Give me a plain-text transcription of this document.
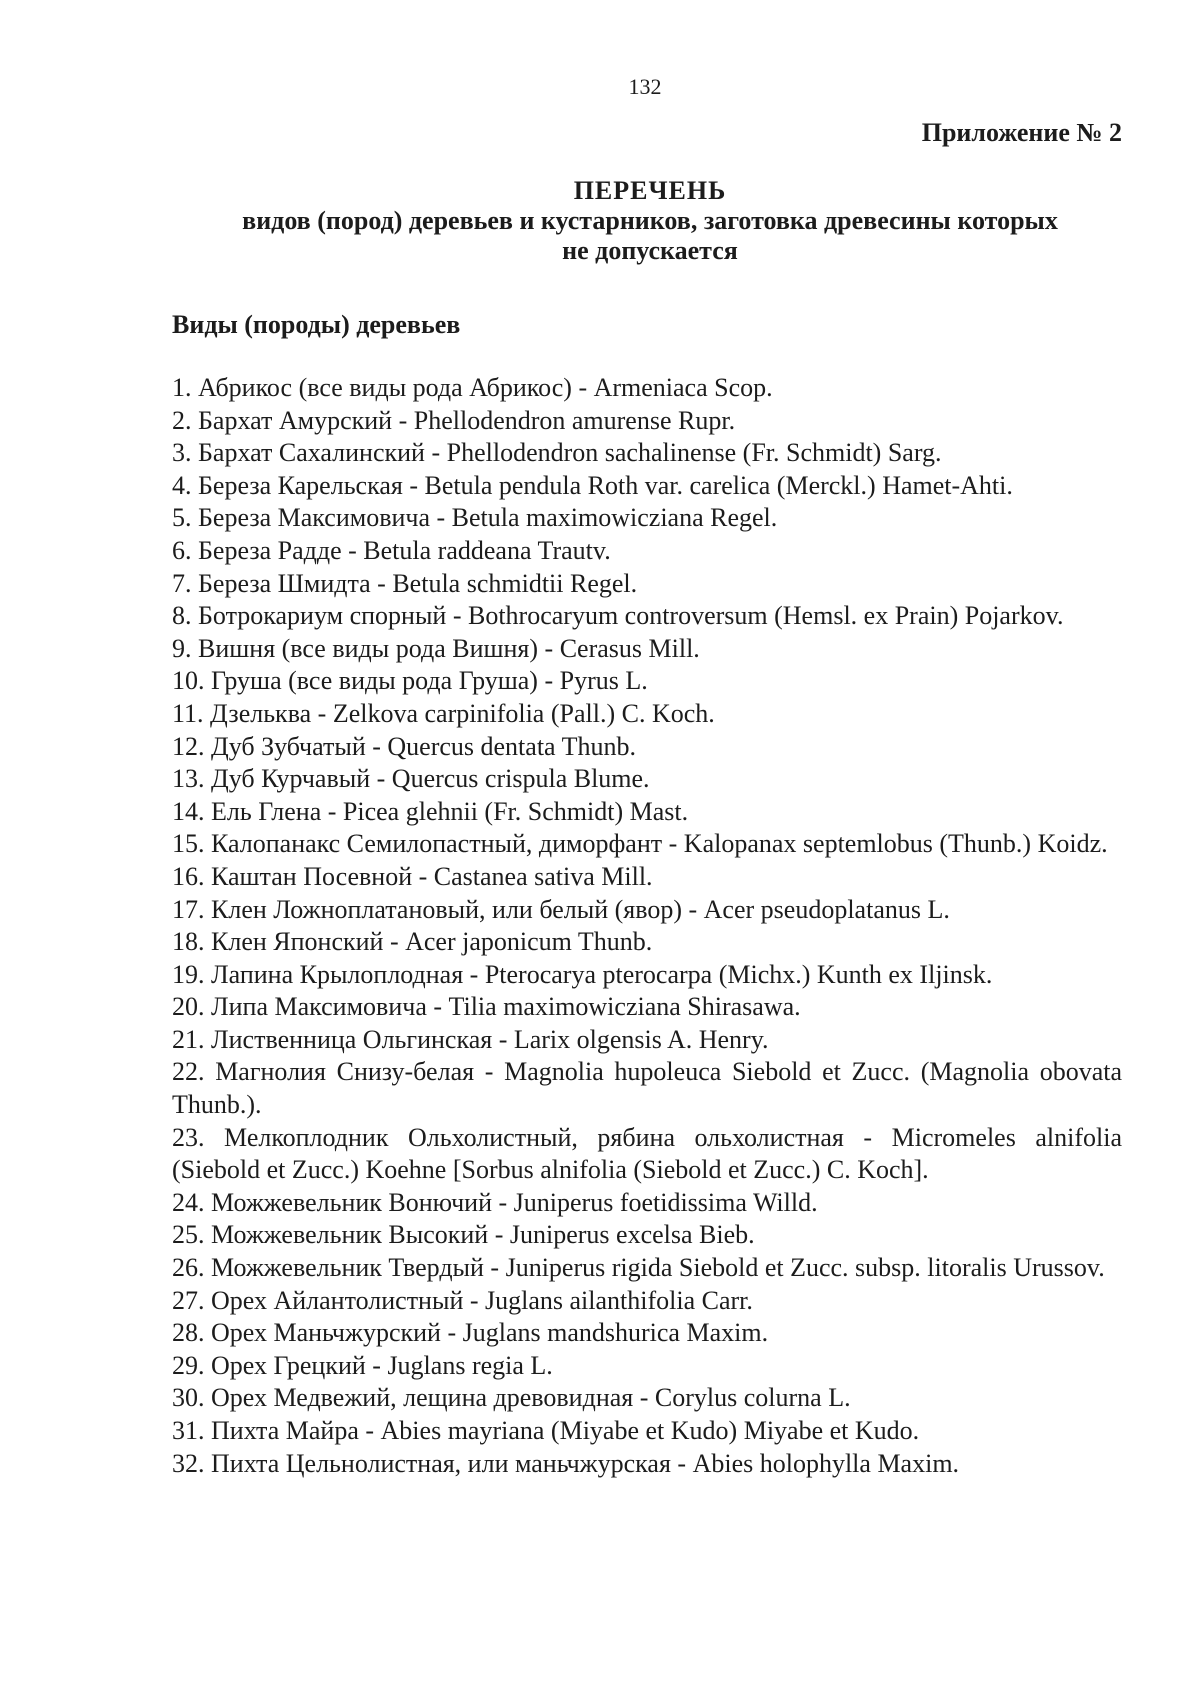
132
Приложение № 2
ПЕРЕЧЕНЬ
видов (пород) деревьев и кустарников, заготовка древесины которых
не допускается
Виды (породы) деревьев
1. Абрикос (все виды рода Абрикос) - Armeniaca Scop.
2. Бархат Амурский - Phellodendron amurense Rupr.
3. Бархат Сахалинский - Phellodendron sachalinense (Fr. Schmidt) Sarg.
4. Береза Карельская - Betula pendula Roth var. carelica (Merckl.) Hamet-Ahti.
5. Береза Максимовича - Betula maximowicziana Regel.
6. Береза Радде - Betula raddeana Trautv.
7. Береза Шмидта - Betula schmidtii Regel.
8. Ботрокариум спорный - Bothrocaryum controversum (Hemsl. ex Prain) Pojarkov.
9. Вишня (все виды рода Вишня) - Cerasus Mill.
10. Груша (все виды рода Груша) - Pyrus L.
11. Дзельква - Zelkova carpinifolia (Pall.) C. Koch.
12. Дуб Зубчатый - Quercus dentata Thunb.
13. Дуб Курчавый - Quercus crispula Blume.
14. Ель Глена - Picea glehnii (Fr. Schmidt) Mast.
15. Калопанакс Семилопастный, диморфант - Kalopanax septemlobus (Thunb.) Koidz.
16. Каштан Посевной - Castanea sativa Mill.
17. Клен Ложноплатановый, или белый (явор) - Acer pseudoplatanus L.
18. Клен Японский - Acer japonicum Thunb.
19. Лапина Крылоплодная - Pterocarya pterocarpa (Michx.) Kunth ex Iljinsk.
20. Липа Максимовича - Tilia maximowicziana Shirasawa.
21. Лиственница Ольгинская - Larix olgensis A. Henry.
22. Магнолия Снизу-белая - Magnolia hupoleuca Siebold et Zucc. (Magnolia obovata Thunb.).
23. Мелкоплодник Ольхолистный, рябина ольхолистная - Micromeles alnifolia (Siebold et Zucc.) Koehne [Sorbus alnifolia (Siebold et Zucc.) C. Koch].
24. Можжевельник Вонючий - Juniperus foetidissima Willd.
25. Можжевельник Высокий - Juniperus excelsa Bieb.
26. Можжевельник Твердый - Juniperus rigida Siebold et Zucc. subsp. litoralis Urussov.
27. Орех Айлантолистный - Juglans ailanthifolia Carr.
28. Орех Маньчжурский - Juglans mandshurica Maxim.
29. Орех Грецкий - Juglans regia L.
30. Орех Медвежий, лещина древовидная - Corylus colurna L.
31. Пихта Майра - Abies mayriana (Miyabe et Kudo) Miyabe et Kudo.
32. Пихта Цельнолистная, или маньчжурская - Abies holophylla Maxim.
